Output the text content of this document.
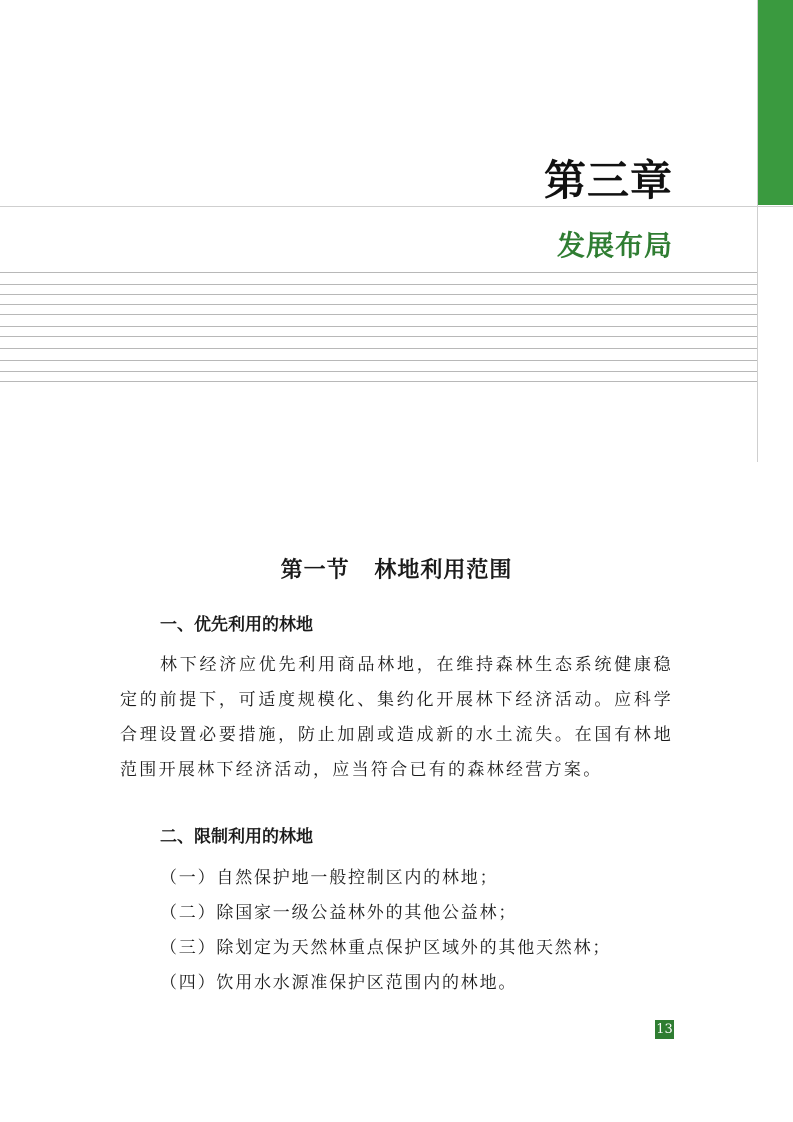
第三章
发展布局
第一节 林地利用范围

一、优先利用的林地

林下经济应优先利用商品林地，在维持森林生态系统健康稳定的前提下，可适度规模化、集约化开展林下经济活动。应科学合理设置必要措施，防止加剧或造成新的水土流失。在国有林地范围开展林下经济活动，应当符合已有的森林经营方案。

二、限制利用的林地

（一）自然保护地一般控制区内的林地；
（二）除国家一级公益林外的其他公益林；
（三）除划定为天然林重点保护区域外的其他天然林；
（四）饮用水水源准保护区范围内的林地。
13
